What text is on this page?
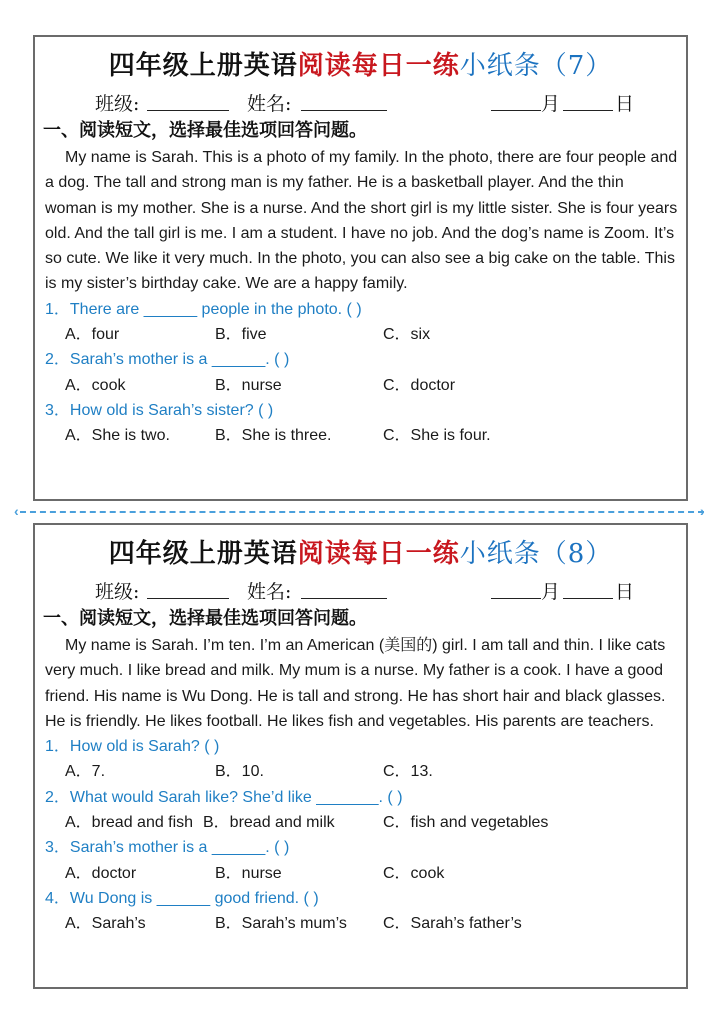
四年级上册英语阅读每日一练小纸条（7）
班级:	姓名:	月	日
一、阅读短文，选择最佳选项回答问题。
My name is Sarah. This is a photo of my family. In the photo, there are four people and a dog. The tall and strong man is my father. He is a basketball player. And the thin woman is my mother. She is a nurse. And the short girl is my little sister. She is four years old. And the tall girl is me. I am a student. I have no job. And the dog’s name is Zoom. It’s so cute. We like it very much. In the photo, you can also see a big cake on the table. This is my sister’s birthday cake. We are a happy family.
1．There are ______ people in the photo. ( )
A．four	B．five	C．six
2．Sarah’s mother is a ______. ( )
A．cook	B．nurse	C．doctor
3．How old is Sarah’s sister? ( )
A．She is two.	B．She is three.	C．She is four.
‹	›
四年级上册英语阅读每日一练小纸条（8）
班级:	姓名:	月	日
一、阅读短文，选择最佳选项回答问题。
My name is Sarah. I’m ten. I’m an American (美国的) girl. I am tall and thin. I like cats very much. I like bread and milk. My mum is a nurse. My father is a cook. I have a good friend. His name is Wu Dong. He is tall and strong. He has short hair and black glasses. He is friendly. He likes football. He likes fish and vegetables. His parents are teachers.
1．How old is Sarah? ( )
A．7.	B．10.	C．13.
2．What would Sarah like? She’d like _______. ( )
A．bread and fish B．bread and milk	C．fish and vegetables
3．Sarah’s mother is a ______. ( )
A．doctor	B．nurse	C．cook
4．Wu Dong is ______ good friend. ( )
A．Sarah’s	B．Sarah’s mum’s C．Sarah’s father’s
